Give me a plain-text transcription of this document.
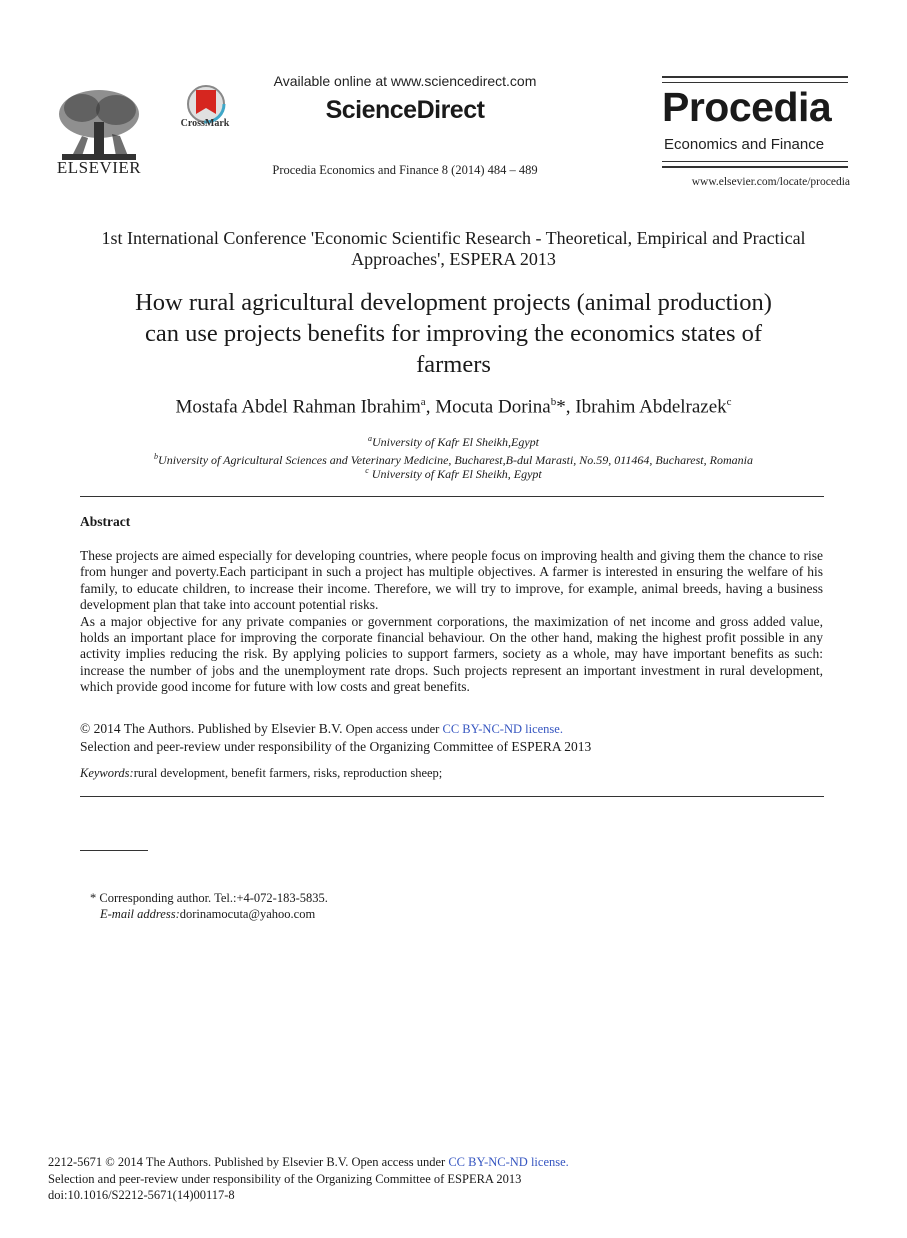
ELSEVIER
CrossMark
Available online at www.sciencedirect.com
ScienceDirect
Procedia Economics and Finance 8 (2014) 484 – 489
Procedia
Economics and Finance
www.elsevier.com/locate/procedia
1st International Conference 'Economic Scientific Research - Theoretical, Empirical and Practical
Approaches', ESPERA 2013
How rural agricultural development projects (animal production)
can use projects benefits for improving the economics states of
farmers
Mostafa Abdel Rahman Ibrahim$^a$, Mocuta Dorina$^b$*, Ibrahim Abdelrazek$^c$
$^a$University of Kafr El Sheikh,Egypt
$^b$University of Agricultural Sciences and Veterinary Medicine, Bucharest,B-dul Marasti, No.59, 011464, Bucharest, Romania
$^c$ University of Kafr El Sheikh, Egypt
Abstract

These projects are aimed especially for developing countries, where people focus on improving health and giving them the chance to rise from hunger and poverty.Each participant in such a project has multiple objectives. A farmer is interested in ensuring the welfare of his family, to educate children, to increase their income. Therefore, we will try to improve, for example, animal breeds, having a business development plan that take into account potential risks.

As a major objective for any private companies or government corporations, the maximization of net income and gross added value, holds an important place for improving the corporate financial behaviour. On the other hand, making the highest profit possible in any activity implies reducing the risk. By applying policies to support farmers, society as a whole, may have important benefits as such: increase the number of jobs and the unemployment rate drops. Such projects represent an important investment in rural development, which provide good income for future with low costs and great benefits.

© 2014 The Authors. Published by Elsevier B.V. Open access under CC BY-NC-ND license.
Selection and peer-review under responsibility of the Organizing Committee of ESPERA 2013
Keywords:rural development, benefit farmers, risks, reproduction sheep;
* Corresponding author. Tel.:+4-072-183-5835.
E-mail address:dorinamocuta@yahoo.com
2212-5671 © 2014 The Authors. Published by Elsevier B.V. Open access under CC BY-NC-ND license.
Selection and peer-review under responsibility of the Organizing Committee of ESPERA 2013
doi:10.1016/S2212-5671(14)00117-8
